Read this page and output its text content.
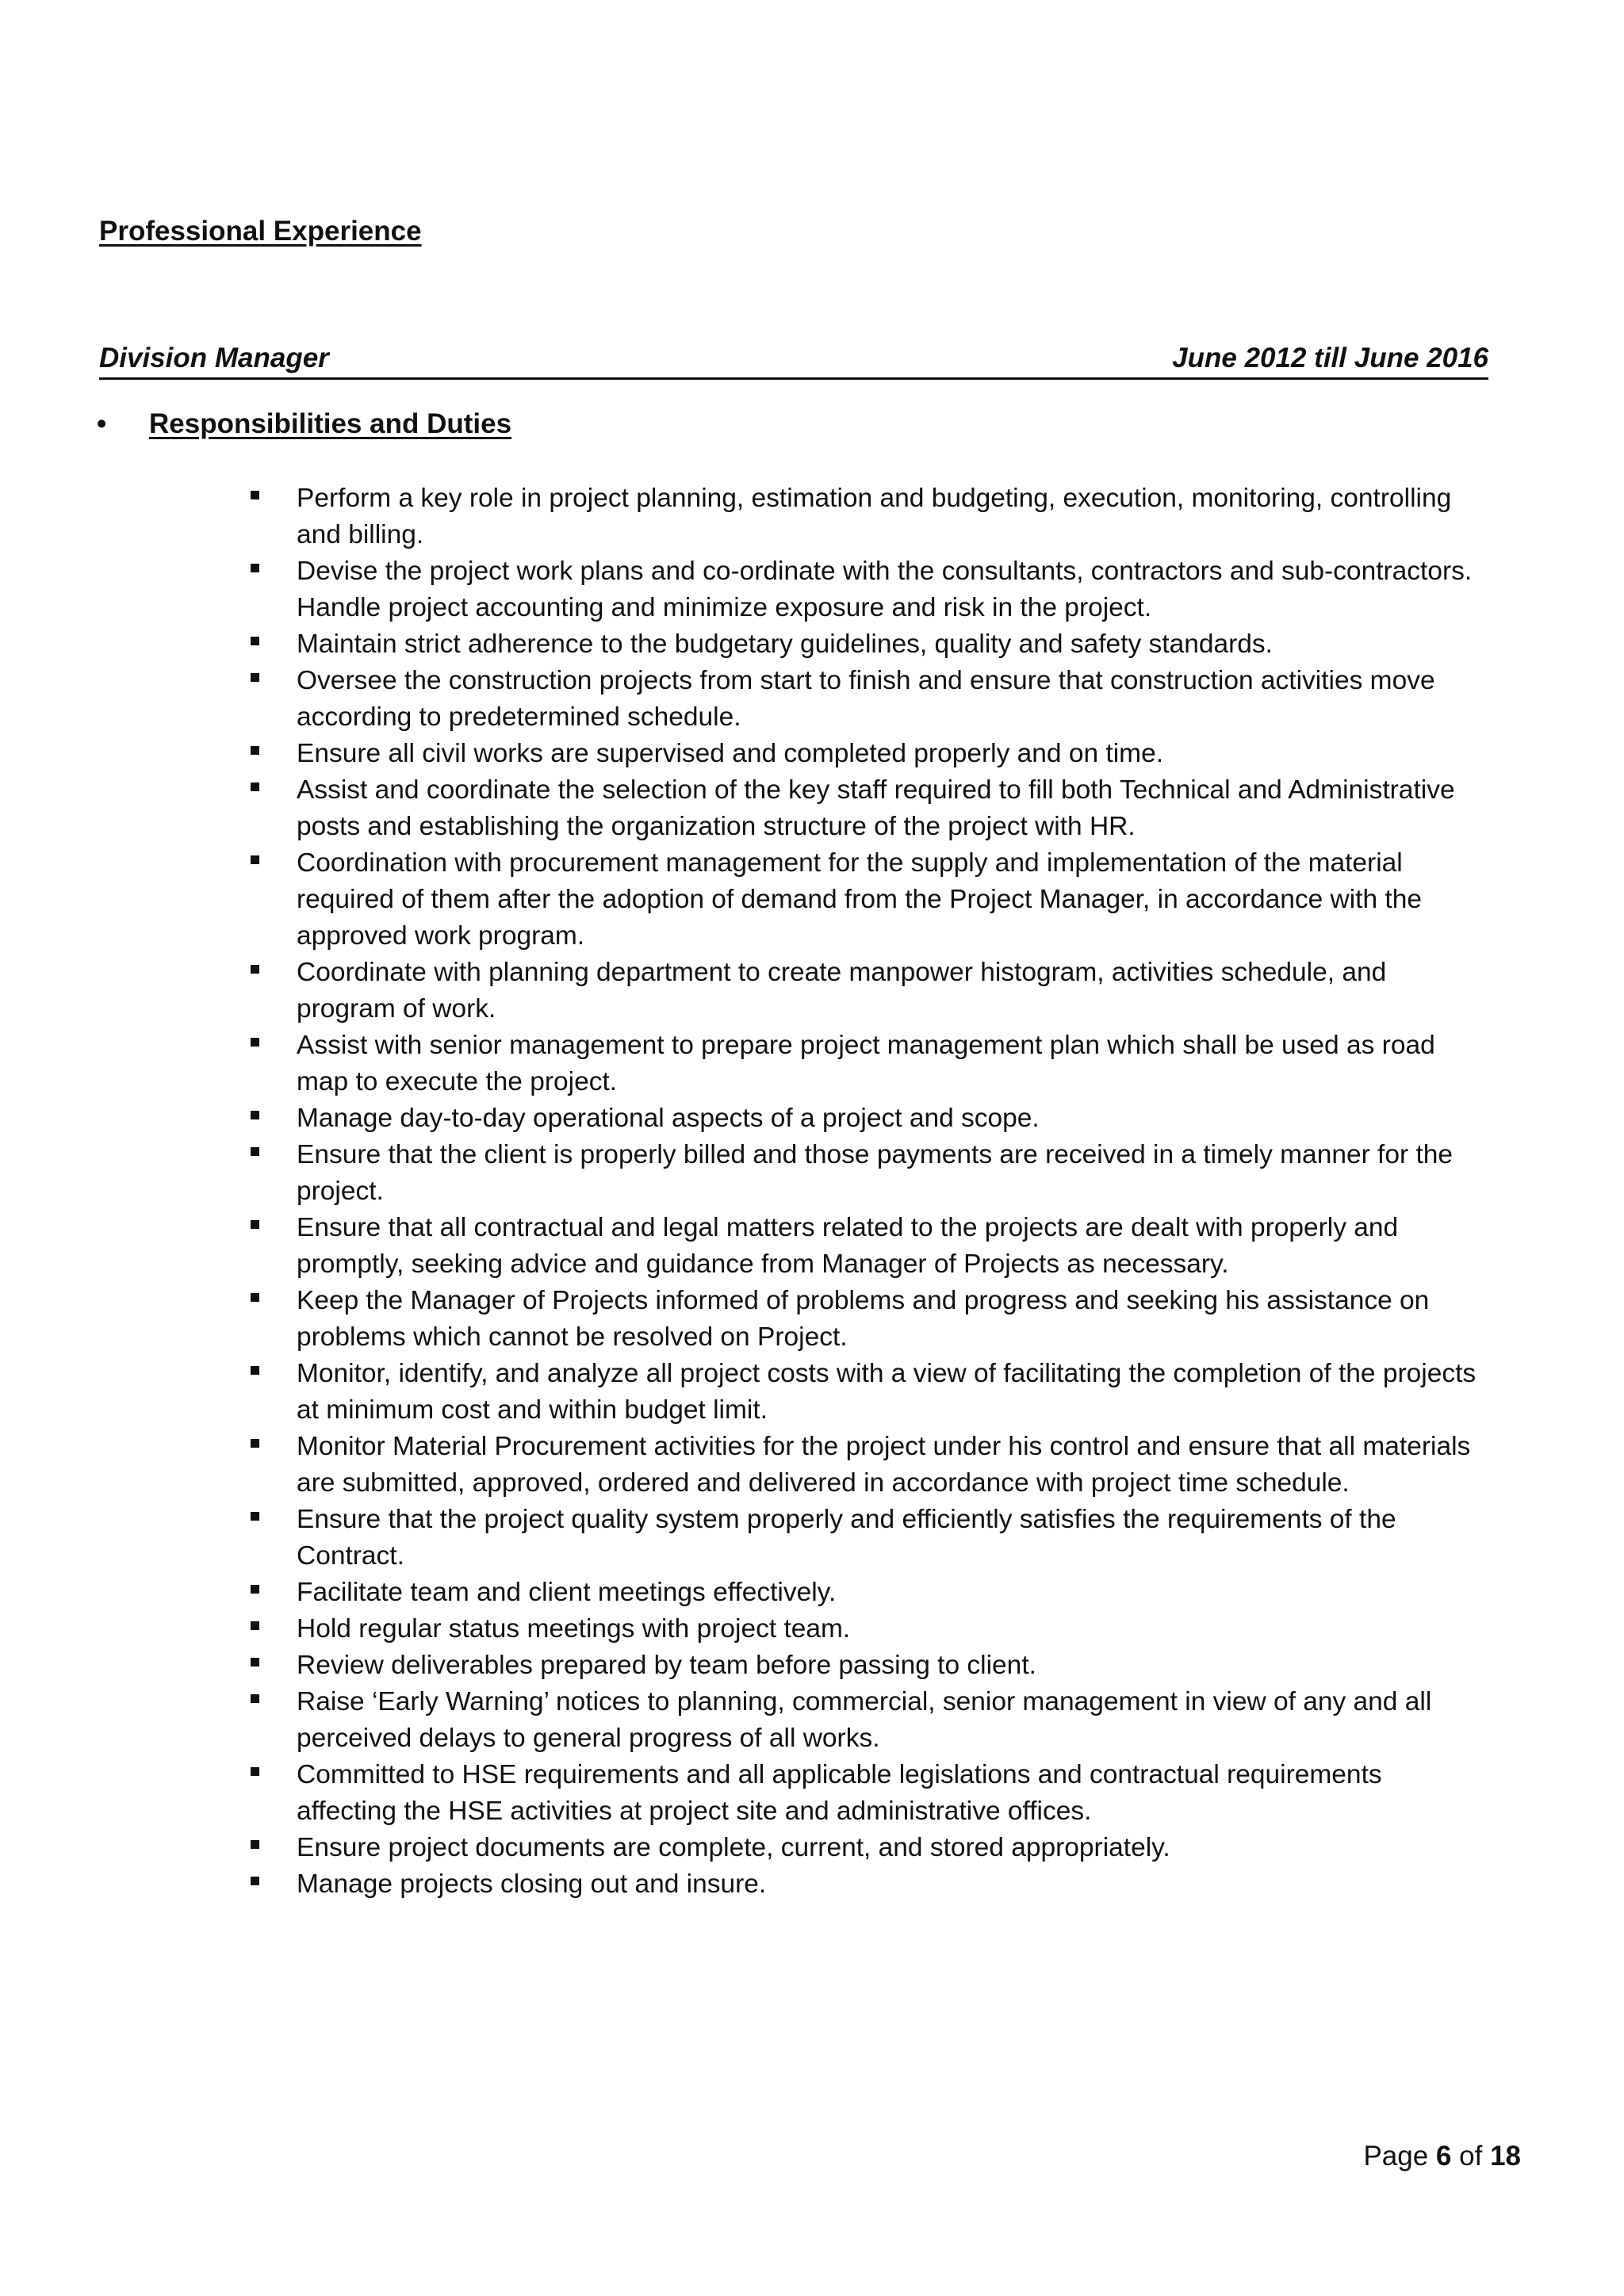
Professional Experience
Division Manager	June 2012 till June 2016
• Responsibilities and Duties
Perform a key role in project planning, estimation and budgeting, execution, monitoring, controlling
and billing.
Devise the project work plans and co-ordinate with the consultants, contractors and sub-contractors.
Handle project accounting and minimize exposure and risk in the project.
Maintain strict adherence to the budgetary guidelines, quality and safety standards.
Oversee the construction projects from start to finish and ensure that construction activities move
according to predetermined schedule.
Ensure all civil works are supervised and completed properly and on time.
Assist and coordinate the selection of the key staff required to fill both Technical and Administrative
posts and establishing the organization structure of the project with HR.
Coordination with procurement management for the supply and implementation of the material
required of them after the adoption of demand from the Project Manager, in accordance with the
approved work program.
Coordinate with planning department to create manpower histogram, activities schedule, and
program of work.
Assist with senior management to prepare project management plan which shall be used as road
map to execute the project.
Manage day-to-day operational aspects of a project and scope.
Ensure that the client is properly billed and those payments are received in a timely manner for the
project.
Ensure that all contractual and legal matters related to the projects are dealt with properly and
promptly, seeking advice and guidance from Manager of Projects as necessary.
Keep the Manager of Projects informed of problems and progress and seeking his assistance on
problems which cannot be resolved on Project.
Monitor, identify, and analyze all project costs with a view of facilitating the completion of the projects
at minimum cost and within budget limit.
Monitor Material Procurement activities for the project under his control and ensure that all materials
are submitted, approved, ordered and delivered in accordance with project time schedule.
Ensure that the project quality system properly and efficiently satisfies the requirements of the
Contract.
Facilitate team and client meetings effectively.
Hold regular status meetings with project team.
Review deliverables prepared by team before passing to client.
Raise ‘Early Warning’ notices to planning, commercial, senior management in view of any and all
perceived delays to general progress of all works.
Committed to HSE requirements and all applicable legislations and contractual requirements
affecting the HSE activities at project site and administrative offices.
Ensure project documents are complete, current, and stored appropriately.
Manage projects closing out and insure.
Page 6 of 18
